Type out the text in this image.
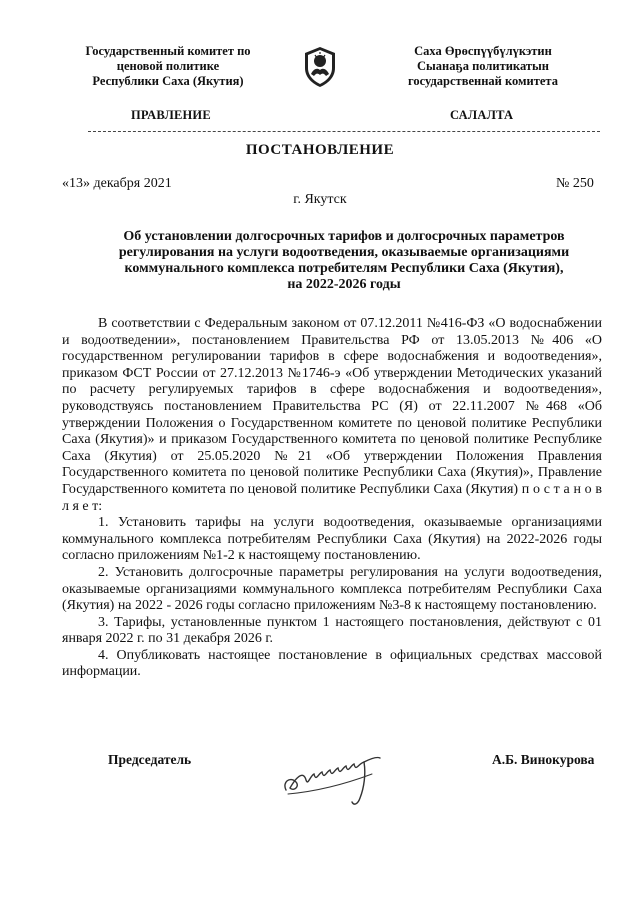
Государственный комитет по
ценовой политике
Республики Саха (Якутия)
Саха Өрөспүүбүлүкэтин
Сыанаҕа политикатын
государственнай комитета
ПРАВЛЕНИЕ	САЛАЛТА
ПОСТАНОВЛЕНИЕ
«13» декабря 2021	№ 250
г. Якутск
Об установлении долгосрочных тарифов и долгосрочных параметров
регулирования на услуги водоотведения, оказываемые организациями
коммунального комплекса потребителям Республики Саха (Якутия),
на 2022-2026 годы

В соответствии с Федеральным законом от 07.12.2011 №416-ФЗ «О водоснабжении и водоотведении», постановлением Правительства РФ от 13.05.2013 №406 «О государственном регулировании тарифов в сфере водоснабжения и водоотведения», приказом ФСТ России от 27.12.2013 №1746-э «Об утверждении Методических указаний по расчету регулируемых тарифов в сфере водоснабжения и водоотведения», руководствуясь постановлением Правительства РС (Я) от 22.11.2007 №468 «Об утверждении Положения о Государственном комитете по ценовой политике Республики Саха (Якутия)» и приказом Государственного комитета по ценовой политике Республике Саха (Якутия) от 25.05.2020 №21 «Об утверждении Положения Правления Государственного комитета по ценовой политике Республики Саха (Якутия)», Правление Государственного комитета по ценовой политике Республики Саха (Якутия) п о с т а н о в л я е т:

1. Установить тарифы на услуги водоотведения, оказываемые организациями коммунального комплекса потребителям Республики Саха (Якутия) на 2022-2026 годы согласно приложениям №1-2 к настоящему постановлению.

2. Установить долгосрочные параметры регулирования на услуги водоотведения, оказываемые организациями коммунального комплекса потребителям Республики Саха (Якутия) на 2022 - 2026 годы согласно приложениям №3-8 к настоящему постановлению.

3. Тарифы, установленные пунктом 1 настоящего постановления, действуют с 01 января 2022 г. по 31 декабря 2026 г.

4. Опубликовать настоящее постановление в официальных средствах массовой информации.

Председатель	А.Б. Винокурова
